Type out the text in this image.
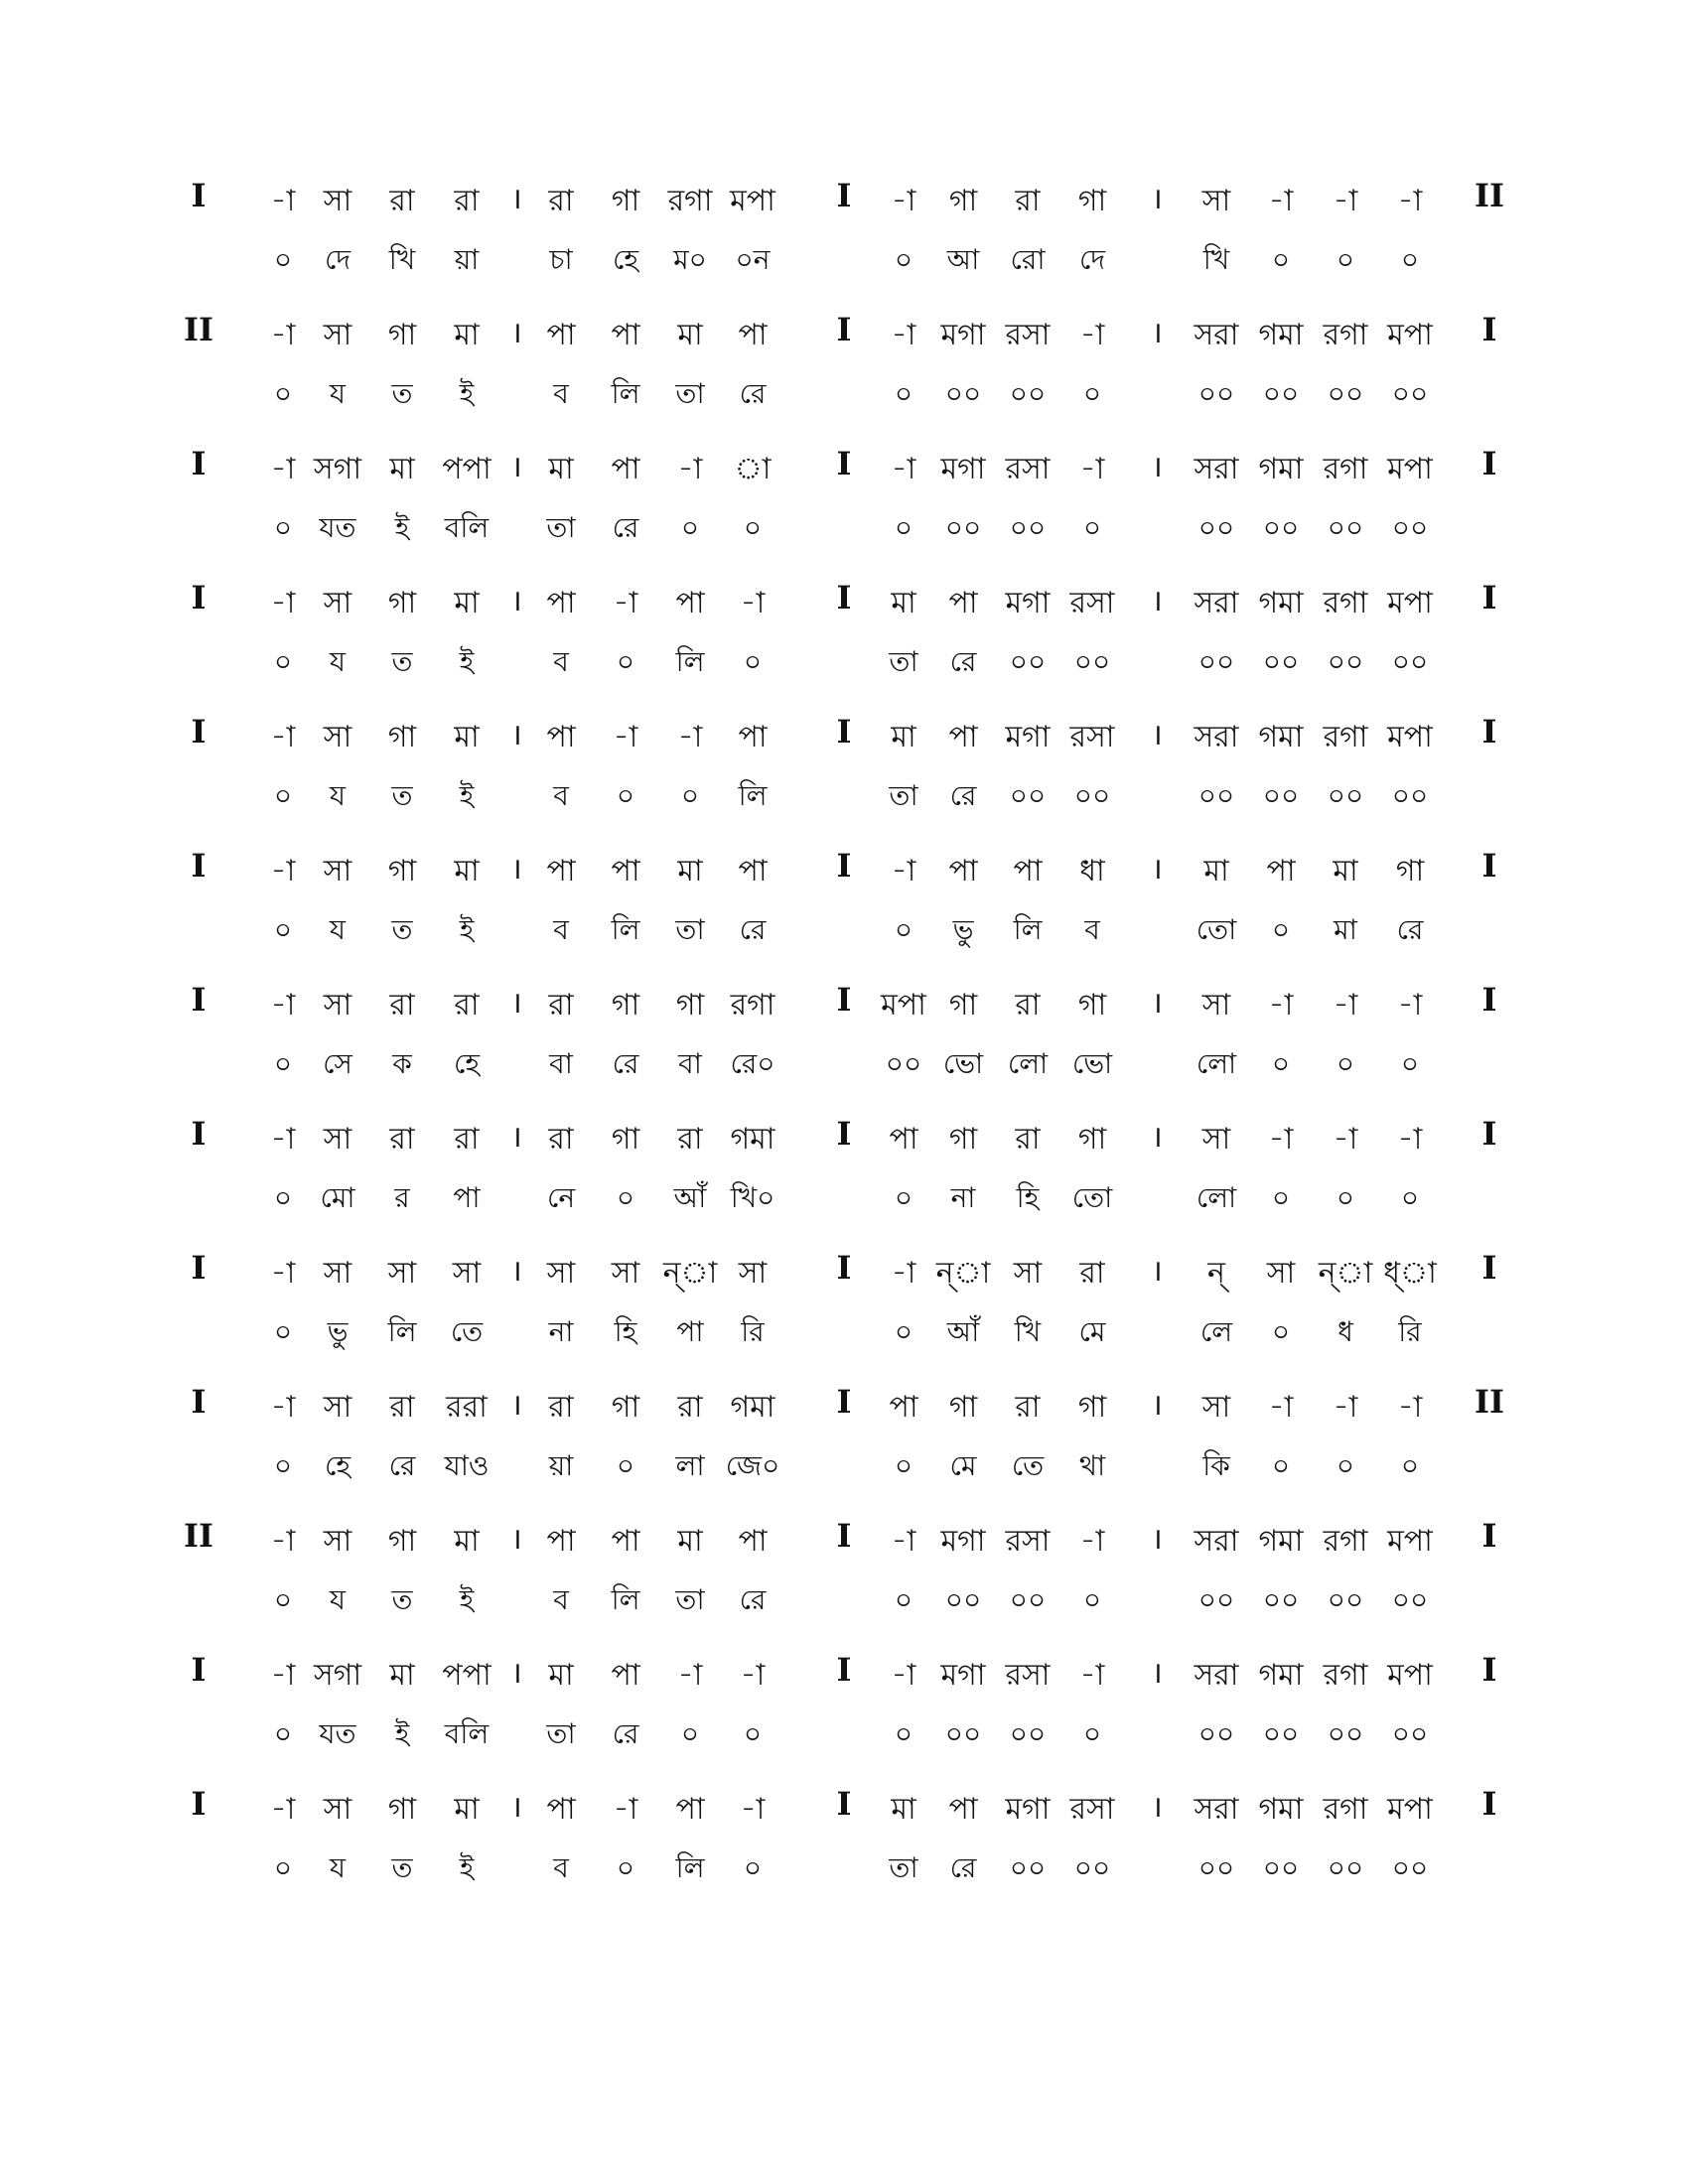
I -া সা রা রা । রা গা রগা মপা I -া গা রা গা । সা -া -া -া II
০ দে খি য়া	চা হে ম০ ০ন	০ আ রো দে	খি ০ ০ ০
II -া সা গা মা । পা পা মা পা I -া মগা রসা -া । সরা গমা রগা মপা I
০ য ত ই	ব লি তা রে	০ ০০ ০০ ০	০০ ০০ ০০ ০০
I -া সগা মা পপা । মা পা -া া I -া মগা রসা -া । সরা গমা রগা মপা I
০ যত ই বলি তা রে ০ ০	০ ০০ ০০ ০	০০ ০০ ০০ ০০
I -া সা গা মা । পা -া পা -া I মা পা মগা রসা । সরা গমা রগা মপা I
০ য ত ই	ব ০ লি ০	তা রে ০০ ০০	০০ ০০ ০০ ০০
I -া সা গা মা । পা -া -া পা I মা পা মগা রসা । সরা গমা রগা মপা I
০ য ত ই	ব ০ ০ লি	তা রে ০০ ০০	০০ ০০ ০০ ০০
I -া সা গা মা । পা পা মা পা I -া পা পা ধা । মা পা মা গা I
০ য ত ই	ব লি তা রে	০ ভু লি ব	তো ০ মা রে
I -া সা রা রা । রা গা গা রগা I মপা গা রা গা । সা -া -া -া I
০ সে ক হে	বা রে বা রে০	০০ ভো লো ভো	লো ০ ০ ০
I -া সা রা রা । রা গা রা গমা I পা গা রা গা । সা -া -া -া I
০ মো র পা নে ০ আঁ খি০	০ না হি তো	লো ০ ০ ০
I -া সা সা সা । সা সা ন্া সা I -া ন্া সা রা । ন্ সা ন্া ধ্া I
০ ভু লি তে না হি পা রি	০ আঁ খি মে	লে ০ ধ রি
I -া সা রা ররা । রা গা রা গমা I পা গা রা গা । সা -া -া -া II
০ হে রে যাও য়া ০ লা জে০	০ মে তে থা	কি ০ ০ ০
II -া সা গা মা । পা পা মা পা I -া মগা রসা -া । সরা গমা রগা মপা I
০ য ত ই	ব লি তা রে	০ ০০ ০০ ০	০০ ০০ ০০ ০০
I -া সগা মা পপা । মা পা -া -া I -া মগা রসা -া । সরা গমা রগা মপা I
০ যত ই বলি তা রে ০ ০	০ ০০ ০০ ০	০০ ০০ ০০ ০০
I -া সা গা মা । পা -া পা -া I মা পা মগা রসা । সরা গমা রগা মপা I
০ য ত ই	ব ০ লি ০	তা রে ০০ ০০	০০ ০০ ০০ ০০
